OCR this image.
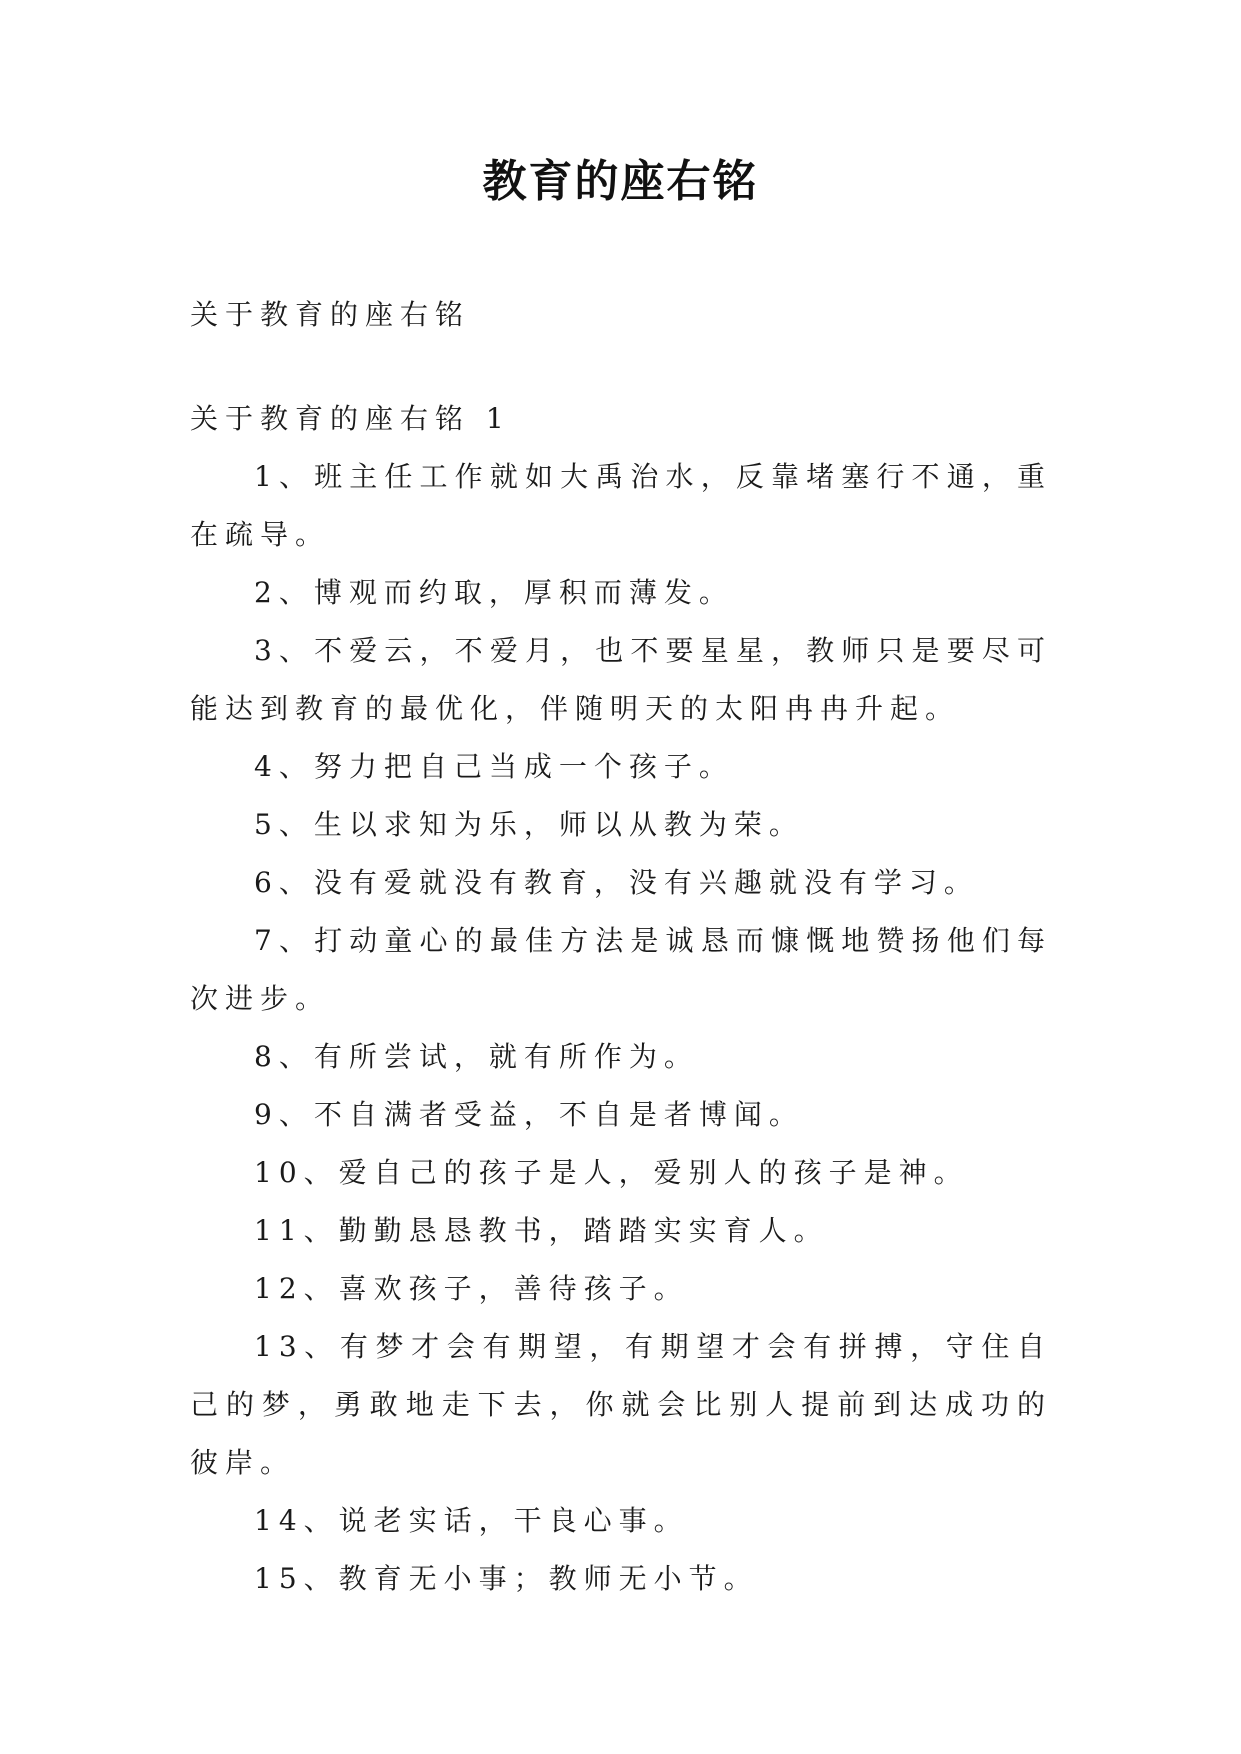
教育的座右铭

关于教育的座右铭

关于教育的座右铭 1

1、班主任工作就如大禹治水，反靠堵塞行不通，重在疏导。

2、博观而约取，厚积而薄发。

3、不爱云，不爱月，也不要星星，教师只是要尽可能达到教育的最优化，伴随明天的太阳冉冉升起。

4、努力把自己当成一个孩子。

5、生以求知为乐，师以从教为荣。

6、没有爱就没有教育，没有兴趣就没有学习。

7、打动童心的最佳方法是诚恳而慷慨地赞扬他们每次进步。

8、有所尝试，就有所作为。

9、不自满者受益，不自是者博闻。

10、爱自己的孩子是人，爱别人的孩子是神。

11、勤勤恳恳教书，踏踏实实育人。

12、喜欢孩子，善待孩子。

13、有梦才会有期望，有期望才会有拼搏，守住自己的梦，勇敢地走下去，你就会比别人提前到达成功的彼岸。

14、说老实话，干良心事。

15、教育无小事；教师无小节。
